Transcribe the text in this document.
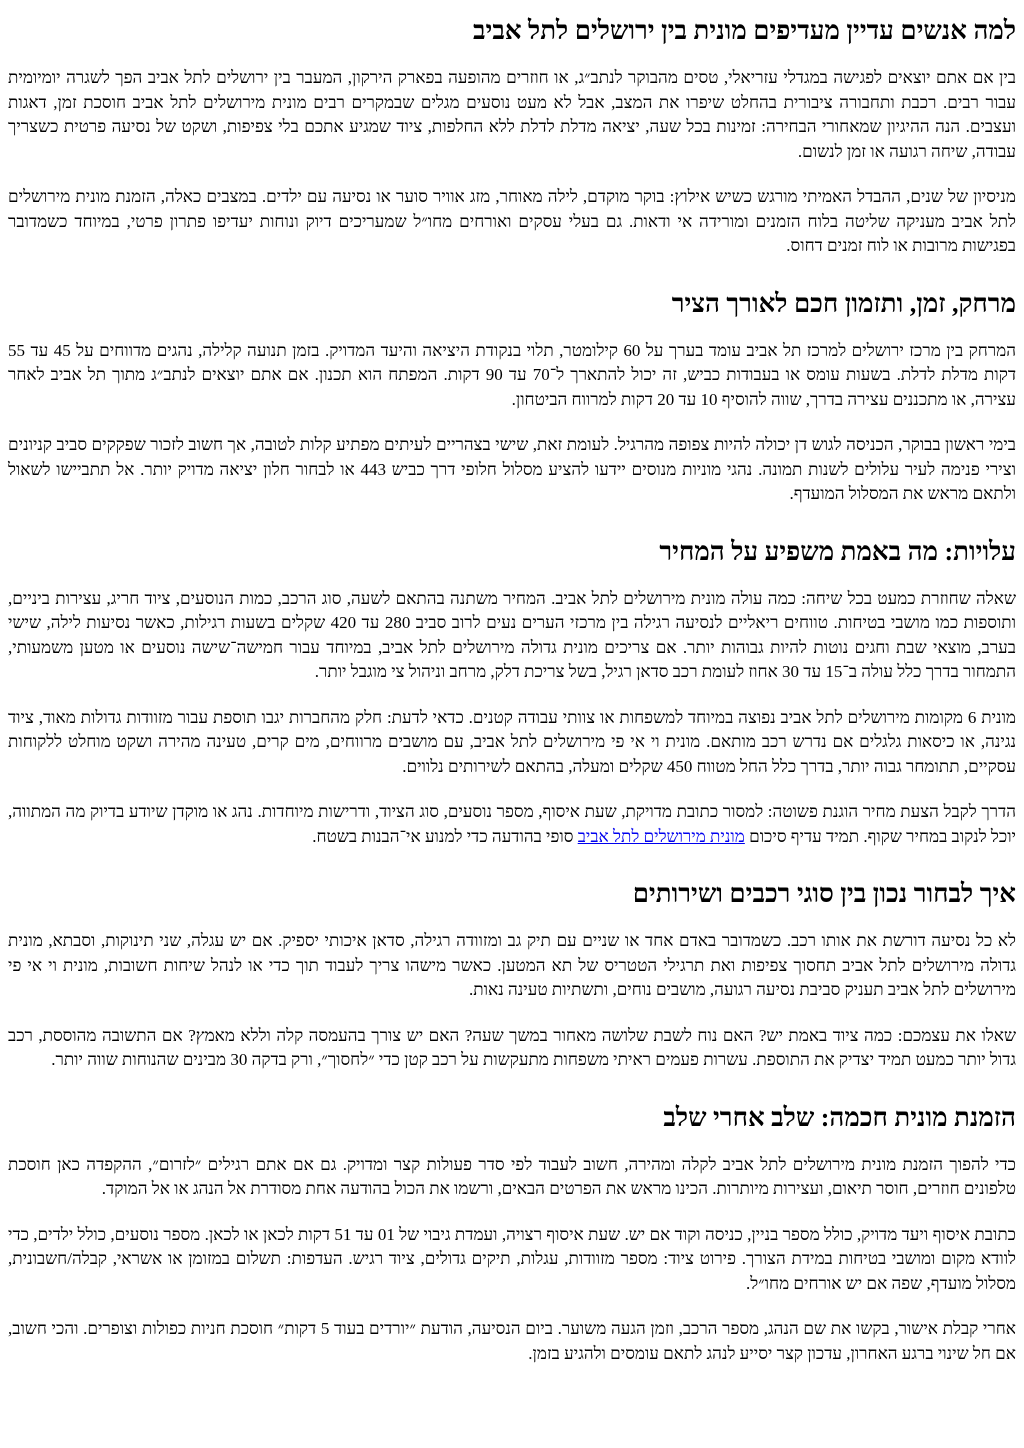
למה אנשים עדיין מעדיפים מונית בין ירושלים לתל אביב

בין אם אתם יוצאים לפגישה במגדלי עזריאלי, טסים מהבוקר לנתב״ג, או חוזרים מהופעה בפארק הירקון, המעבר בין ירושלים לתל אביב הפך לשגרה יומיומית עבור רבים. רכבת ותחבורה ציבורית בהחלט שיפרו את המצב, אבל לא מעט נוסעים מגלים שבמקרים רבים מונית מירושלים לתל אביב חוסכת זמן, דאגות ועצבים. הנה ההיגיון שמאחורי הבחירה: זמינות בכל שעה, יציאה מדלת לדלת ללא החלפות, ציוד שמגיע אתכם בלי צפיפות, ושקט של נסיעה פרטית כשצריך עבודה, שיחה רגועה או זמן לנשום.

מניסיון של שנים, ההבדל האמיתי מורגש כשיש אילוץ: בוקר מוקדם, לילה מאוחר, מזג אוויר סוער או נסיעה עם ילדים. במצבים כאלה, הזמנת מונית מירושלים לתל אביב מעניקה שליטה בלוח הזמנים ומורידה אי ודאות. גם בעלי עסקים ואורחים מחו״ל שמעריכים דיוק ונוחות יעדיפו פתרון פרטי, במיוחד כשמדובר בפגישות מרובות או לוח זמנים דחוס.

מרחק, זמן, ותזמון חכם לאורך הציר

המרחק בין מרכז ירושלים למרכז תל אביב עומד בערך על 60 קילומטר, תלוי בנקודת היציאה והיעד המדויק. בזמן תנועה קלילה, נהגים מדווחים על 45 עד 55 דקות מדלת לדלת. בשעות עומס או בעבודות כביש, זה יכול להתארך ל־70 עד 90 דקות. המפתח הוא תכנון. אם אתם יוצאים לנתב״ג מתוך תל אביב לאחר עצירה, או מתכננים עצירה בדרך, שווה להוסיף 10 עד 20 דקות למרווח הביטחון.

בימי ראשון בבוקר, הכניסה לגוש דן יכולה להיות צפופה מהרגיל. לעומת זאת, שישי בצהריים לעיתים מפתיע קלות לטובה, אך חשוב לזכור שפקקים סביב קניונים וצירי פנימה לעיר עלולים לשנות תמונה. נהגי מוניות מנוסים יידעו להציע מסלול חלופי דרך כביש 443 או לבחור חלון יציאה מדויק יותר. אל תתביישו לשאול ולתאם מראש את המסלול המועדף.

עלויות: מה באמת משפיע על המחיר

שאלה שחוזרת כמעט בכל שיחה: כמה עולה מונית מירושלים לתל אביב. המחיר משתנה בהתאם לשעה, סוג הרכב, כמות הנוסעים, ציוד חריג, עצירות ביניים, ותוספות כמו מושבי בטיחות. טווחים ריאליים לנסיעה רגילה בין מרכזי הערים נעים לרוב סביב 280 עד 420 שקלים בשעות רגילות, כאשר נסיעות לילה, שישי בערב, מוצאי שבת וחגים נוטות להיות גבוהות יותר. אם צריכים מונית גדולה מירושלים לתל אביב, במיוחד עבור חמישה־שישה נוסעים או מטען משמעותי, התמחור בדרך כלל עולה ב־15 עד 30 אחוז לעומת רכב סדאן רגיל, בשל צריכת דלק, מרחב וניהול צי מוגבל יותר.

מונית 6 מקומות מירושלים לתל אביב נפוצה במיוחד למשפחות או צוותי עבודה קטנים. כדאי לדעת: חלק מהחברות יגבו תוספת עבור מזוודות גדולות מאוד, ציוד נגינה, או כיסאות גלגלים אם נדרש רכב מותאם. מונית וי אי פי מירושלים לתל אביב, עם מושבים מרווחים, מים קרים, טעינה מהירה ושקט מוחלט ללקוחות עסקיים, תתומחר גבוה יותר, בדרך כלל החל מטווח 450 שקלים ומעלה, בהתאם לשירותים נלווים.

הדרך לקבל הצעת מחיר הוגנת פשוטה: למסור כתובת מדויקת, שעת איסוף, מספר נוסעים, סוג הציוד, ודרישות מיוחדות. נהג או מוקדן שיודע בדיוק מה המתווה, יוכל לנקוב במחיר שקוף. תמיד עדיף סיכום מונית מירושלים לתל אביב סופי בהודעה כדי למנוע אי־הבנות בשטח.

איך לבחור נכון בין סוגי רכבים ושירותים

לא כל נסיעה דורשת את אותו רכב. כשמדובר באדם אחד או שניים עם תיק גב ומזוודה רגילה, סדאן איכותי יספיק. אם יש עגלה, שני תינוקות, וסבתא, מונית גדולה מירושלים לתל אביב תחסוך צפיפות ואת תרגילי הטטריס של תא המטען. כאשר מישהו צריך לעבוד תוך כדי או לנהל שיחות חשובות, מונית וי אי פי מירושלים לתל אביב תעניק סביבת נסיעה רגועה, מושבים נוחים, ותשתיות טעינה נאות.

שאלו את עצמכם: כמה ציוד באמת יש? האם נוח לשבת שלושה מאחור במשך שעה? האם יש צורך בהעמסה קלה וללא מאמץ? אם התשובה מהוססת, רכב גדול יותר כמעט תמיד יצדיק את התוספת. עשרות פעמים ראיתי משפחות מתעקשות על רכב קטן כדי ״לחסוך״, ורק בדקה 30 מבינים שהנוחות שווה יותר.

הזמנת מונית חכמה: שלב אחרי שלב

כדי להפוך הזמנת מונית מירושלים לתל אביב לקלה ומהירה, חשוב לעבוד לפי סדר פעולות קצר ומדויק. גם אם אתם רגילים ״לזרום״, ההקפדה כאן חוסכת טלפונים חוזרים, חוסר תיאום, ועצירות מיותרות. הכינו מראש את הפרטים הבאים, ורשמו את הכול בהודעה אחת מסודרת אל הנהג או אל המוקד.

כתובת איסוף ויעד מדויק, כולל מספר בניין, כניסה וקוד אם יש. שעת איסוף רצויה, ועמדת גיבוי של 01 עד 51 דקות לכאן או לכאן. מספר נוסעים, כולל ילדים, כדי לוודא מקום ומושבי בטיחות במידת הצורך. פירוט ציוד: מספר מזוודות, עגלות, תיקים גדולים, ציוד רגיש. העדפות: תשלום במזומן או אשראי, קבלה/חשבונית, מסלול מועדף, שפה אם יש אורחים מחו״ל.

אחרי קבלת אישור, בקשו את שם הנהג, מספר הרכב, וזמן הגעה משוער. ביום הנסיעה, הודעת ״יורדים בעוד 5 דקות״ חוסכת חניות כפולות וצופרים. והכי חשוב, אם חל שינוי ברגע האחרון, עדכון קצר יסייע לנהג לתאם עומסים ולהגיע בזמן.
